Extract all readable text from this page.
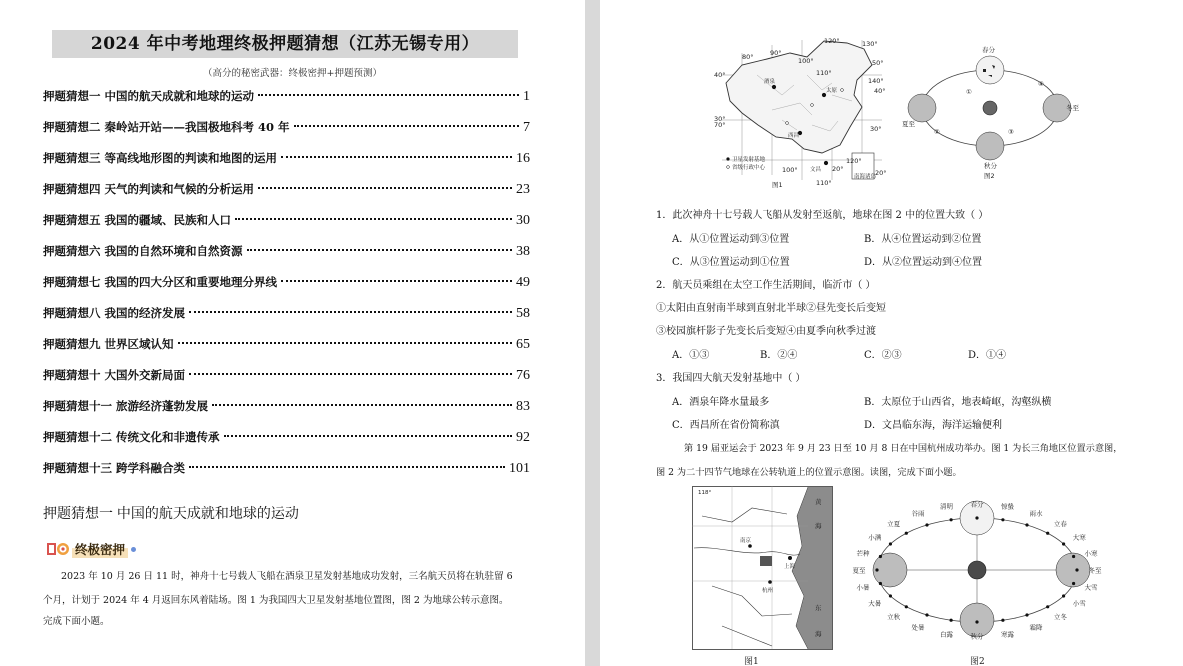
2024 年中考地理终极押题猜想（江苏无锡专用）
（高分的秘密武器：终极密押+押题预测）
押题猜想一 中国的航天成就和地球的运动
终极密押
2023 年 10 月 26 日 11 时，神舟十七号载人飞船在酒泉卫星发射基地成功发射，三名航天员将在轨驻留 6
个月，计划于 2024 年 4 月返回东风着陆场。图 1 为我国四大卫星发射基地位置图，图 2 为地球公转示意图。
完成下面小题。
押题猜想一 中国的航天成就和地球的运动	1
押题猜想二 秦岭站开站——我国极地科考 40 年	7
押题猜想三 等高线地形图的判读和地图的运用	16
押题猜想四 天气的判读和气候的分析运用	23
押题猜想五 我国的疆域、民族和人口	30
押题猜想六 我国的自然环境和自然资源	38
押题猜想七 我国的四大分区和重要地理分界线	49
押题猜想八 我国的经济发展	58
押题猜想九 世界区域认知	65
押题猜想十 大国外交新局面	76
押题猜想十一 旅游经济蓬勃发展	83
押题猜想十二 传统文化和非遗传承	92
押题猜想十三 跨学科融合类	101
120°	130°
90°
80°	100°
110°
140°
70°
100°
120°
110°
50°
40°
40°
30°
30°
20°	20°
酒泉
太原
西昌
文昌
卫星发射基地
省级行政中心
南海诸岛
图1
春分
夏至
秋分
冬至
①
②	③
④
图2
1．此次神舟十七号载人飞船从发射至返航，地球在图 2 中的位置大致（ ）
A．从①位置运动到③位置	B．从④位置运动到②位置
C．从③位置运动到①位置	D．从②位置运动到④位置
2．航天员乘组在太空工作生活期间，临沂市（ ）
①太阳由直射南半球到直射北半球②昼先变长后变短
③校园旗杆影子先变长后变短④由夏季向秋季过渡
A．①③	B．②④	C．②③	D．①④
3．我国四大航天发射基地中（ ）
A．酒泉年降水量最多	B．太原位于山西省，地表崎岖，沟壑纵横
C．西昌所在省份简称滇	D．文昌临东海，海洋运输便利
第 19 届亚运会于 2023 年 9 月 23 日至 10 月 8 日在中国杭州成功举办。图 1 为长三角地区位置示意图，
图 2 为二十四节气地球在公转轨道上的位置示意图。读图，完成下面小题。
黄
海
东
海
上海
杭州
南京
118°
图1
春分
清明
谷雨
立夏
小满
芒种
夏至
小暑
大暑
立秋
处暑
白露	秋分	寒露
霜降
立冬
小雪
大雪
冬至
小寒
大寒
立春
雨水
惊蛰
图2
